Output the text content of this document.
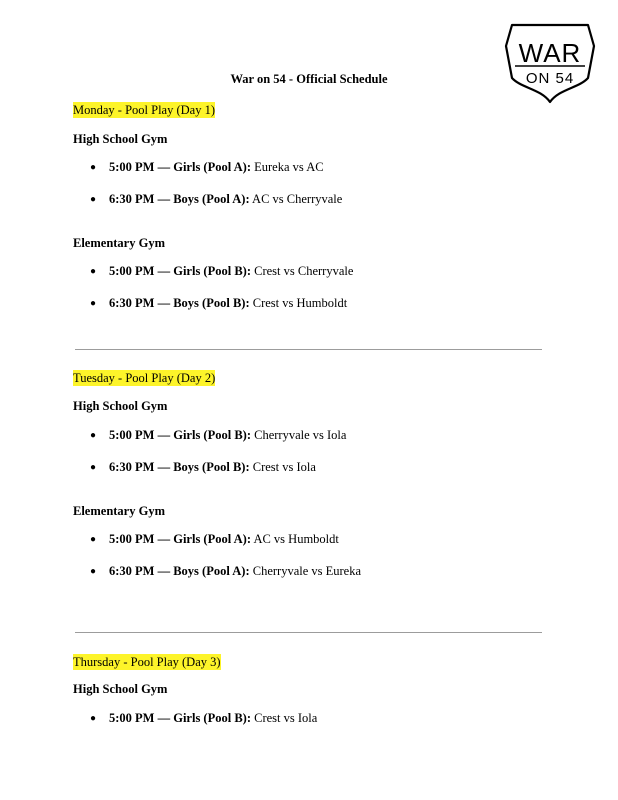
WAR
ON 54
War on 54 - Official Schedule
Monday - Pool Play (Day 1)
High School Gym
● 5:00 PM — Girls (Pool A): Eureka vs AC
● 6:30 PM — Boys (Pool A): AC vs Cherryvale
Elementary Gym
● 5:00 PM — Girls (Pool B): Crest vs Cherryvale
● 6:30 PM — Boys (Pool B): Crest vs Humboldt
Tuesday - Pool Play (Day 2)
High School Gym
● 5:00 PM — Girls (Pool B): Cherryvale vs Iola
● 6:30 PM — Boys (Pool B): Crest vs Iola
Elementary Gym
● 5:00 PM — Girls (Pool A): AC vs Humboldt
● 6:30 PM — Boys (Pool A): Cherryvale vs Eureka
Thursday - Pool Play (Day 3)
High School Gym
● 5:00 PM — Girls (Pool B): Crest vs Iola
